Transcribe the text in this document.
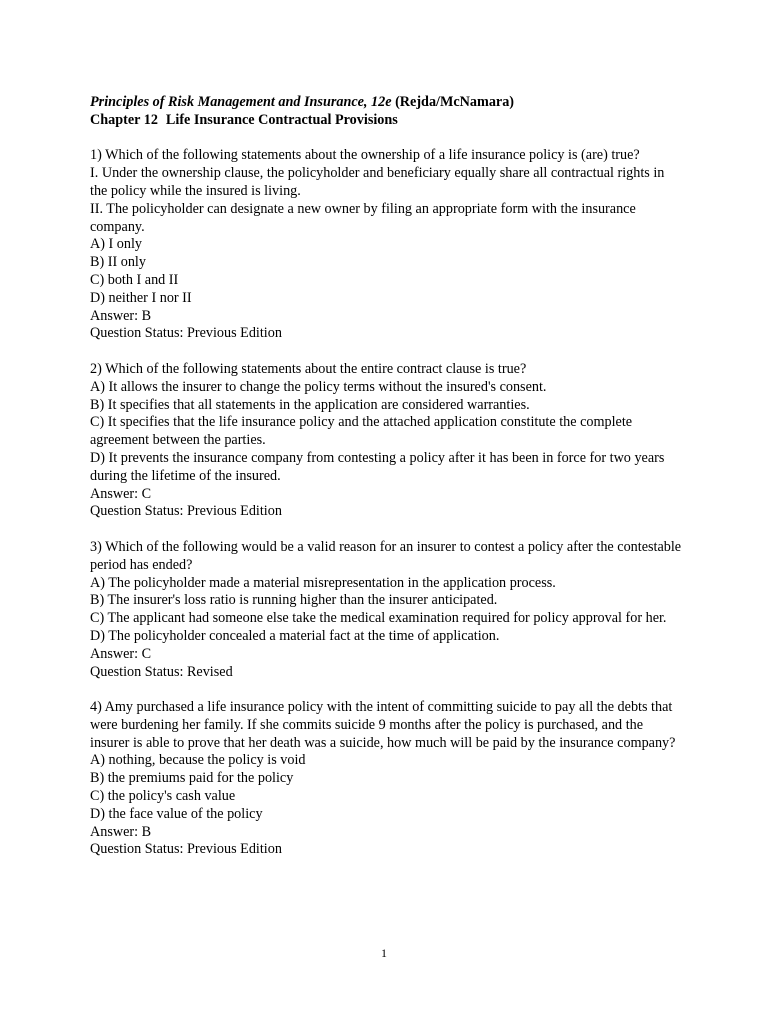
Principles of Risk Management and Insurance, 12e (Rejda/McNamara)
Chapter 12 Life Insurance Contractual Provisions
1) Which of the following statements about the ownership of a life insurance policy is (are) true?
I. Under the ownership clause, the policyholder and beneficiary equally share all contractual rights in the policy while the insured is living.
II. The policyholder can designate a new owner by filing an appropriate form with the insurance company.
A) I only
B) II only
C) both I and II
D) neither I nor II
Answer: B
Question Status: Previous Edition
2) Which of the following statements about the entire contract clause is true?
A) It allows the insurer to change the policy terms without the insured's consent.
B) It specifies that all statements in the application are considered warranties.
C) It specifies that the life insurance policy and the attached application constitute the complete agreement between the parties.
D) It prevents the insurance company from contesting a policy after it has been in force for two years during the lifetime of the insured.
Answer: C
Question Status: Previous Edition
3) Which of the following would be a valid reason for an insurer to contest a policy after the contestable period has ended?
A) The policyholder made a material misrepresentation in the application process.
B) The insurer's loss ratio is running higher than the insurer anticipated.
C) The applicant had someone else take the medical examination required for policy approval for her.
D) The policyholder concealed a material fact at the time of application.
Answer: C
Question Status: Revised
4) Amy purchased a life insurance policy with the intent of committing suicide to pay all the debts that were burdening her family. If she commits suicide 9 months after the policy is purchased, and the insurer is able to prove that her death was a suicide, how much will be paid by the insurance company?
A) nothing, because the policy is void
B) the premiums paid for the policy
C) the policy's cash value
D) the face value of the policy
Answer: B
Question Status: Previous Edition
1
